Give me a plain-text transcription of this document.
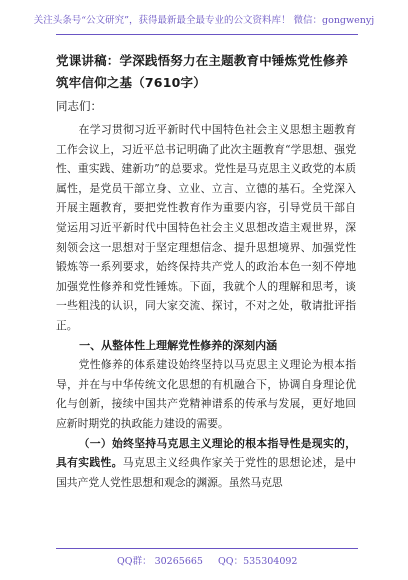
关注头条号“公文研究”，获得最新最全最专业的公文资料库！ 微信：gongwenyj
党课讲稿：学深践悟努力在主题教育中锤炼党性修养筑牢信仰之基（7610字）
同志们：

在学习贯彻习近平新时代中国特色社会主义思想主题教育工作会议上，习近平总书记明确了此次主题教育“学思想、强党性、重实践、建新功”的总要求。党性是马克思主义政党的本质属性，是党员干部立身、立业、立言、立德的基石。全党深入开展主题教育，要把党性教育作为重要内容，引导党员干部自觉运用习近平新时代中国特色社会主义思想改造主观世界，深刻领会这一思想对于坚定理想信念、提升思想境界、加强党性锻炼等一系列要求，始终保持共产党人的政治本色一刻不停地加强党性修养和党性锤炼。下面，我就个人的理解和思考，谈一些粗浅的认识，同大家交流、探讨，不对之处，敬请批评指正。

一、从整体性上理解党性修养的深刻内涵

党性修养的体系建设始终坚持以马克思主义理论为根本指导，并在与中华传统文化思想的有机融合下，协调自身理论优化与创新，接续中国共产党精神谱系的传承与发展，更好地回应新时期党的执政能力建设的需要。

（一）始终坚持马克思主义理论的根本指导性是现实的，具有实践性。马克思主义经典作家关于党性的思想论述，是中国共产党人党性思想和观念的渊源。虽然马克思

QQ群： 30265665 QQ：535304092
